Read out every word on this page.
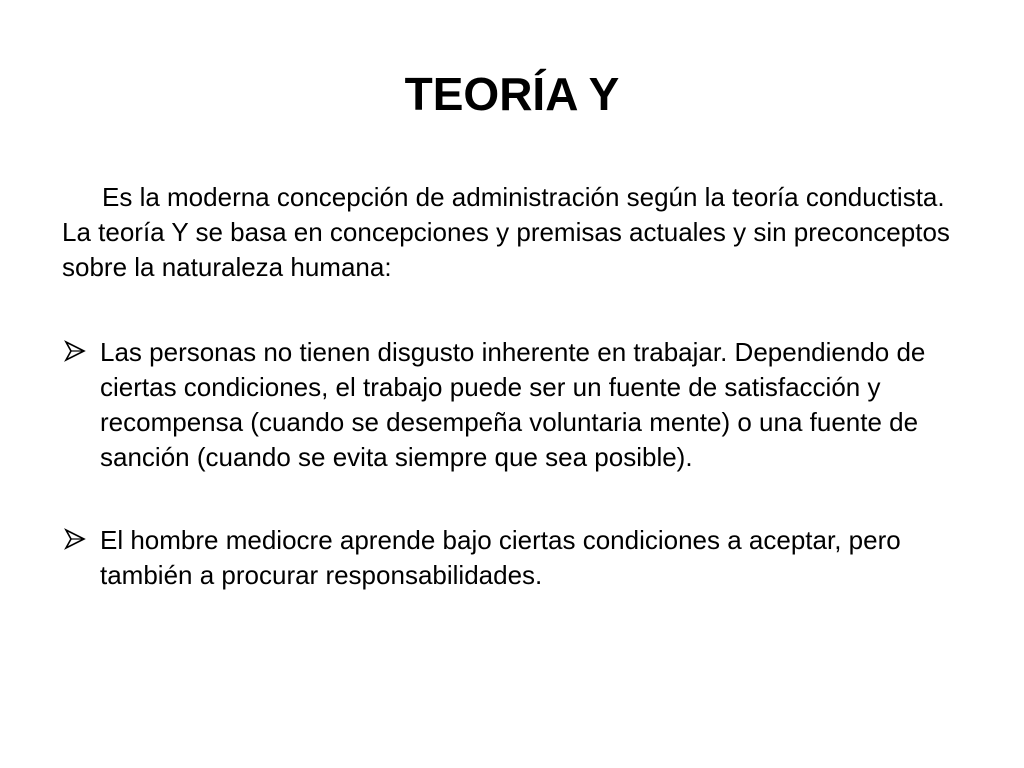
TEORÍA Y

Es la moderna concepción de administración según la teoría conductista. La teoría Y se basa en concepciones y premisas actuales y sin preconceptos sobre la naturaleza humana:

Las personas no tienen disgusto inherente en trabajar. Dependiendo de ciertas condiciones, el trabajo puede ser un fuente de satisfacción y recompensa (cuando se desempeña voluntaria mente) o una fuente de sanción (cuando se evita siempre que sea posible).
El hombre mediocre aprende bajo ciertas condiciones a aceptar, pero también a procurar responsabilidades.
